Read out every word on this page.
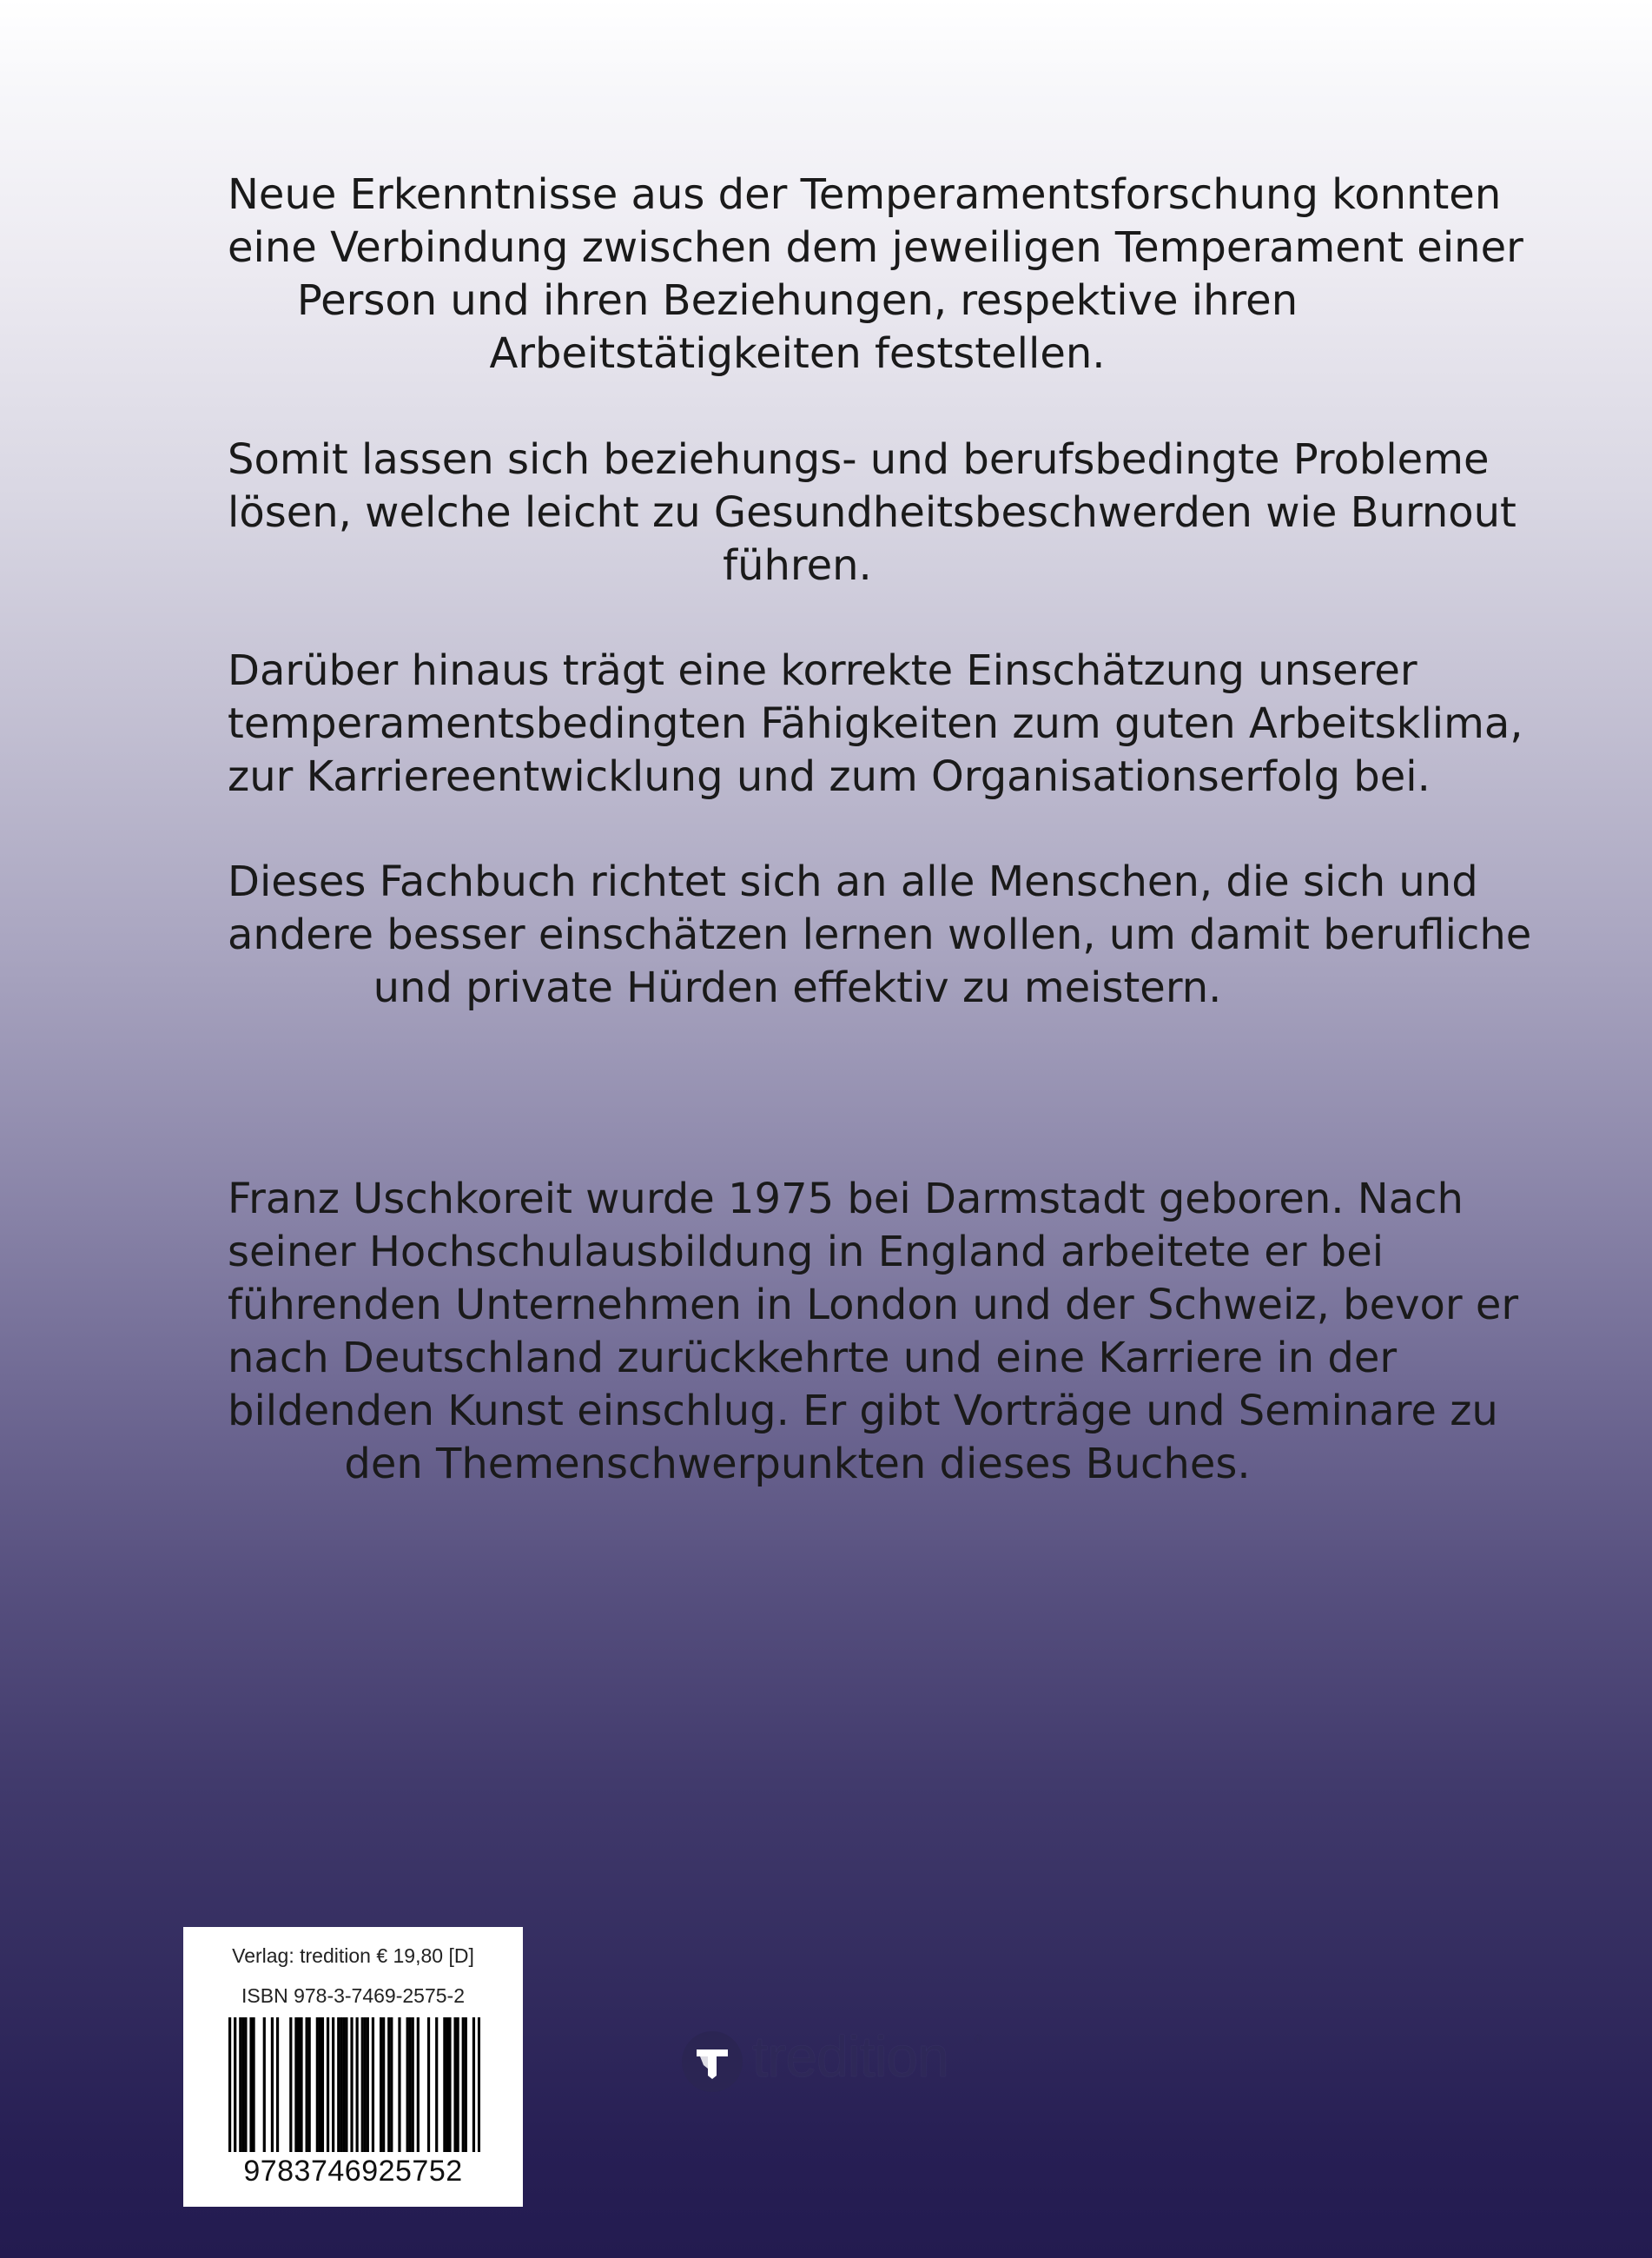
Neue Erkenntnisse aus der Temperamentsforschung konnten
eine Verbindung zwischen dem jeweiligen Temperament einer
Person und ihren Beziehungen, respektive ihren
Arbeitstätigkeiten feststellen.

Somit lassen sich beziehungs- und berufsbedingte Probleme
lösen, welche leicht zu Gesundheitsbeschwerden wie Burnout
führen.

Darüber hinaus trägt eine korrekte Einschätzung unserer
temperamentsbedingten Fähigkeiten zum guten Arbeitsklima,
zur Karriereentwicklung und zum Organisationserfolg bei.

Dieses Fachbuch richtet sich an alle Menschen, die sich und
andere besser einschätzen lernen wollen, um damit berufliche
und private Hürden effektiv zu meistern.

Franz Uschkoreit wurde 1975 bei Darmstadt geboren. Nach
seiner Hochschulausbildung in England arbeitete er bei
führenden Unternehmen in London und der Schweiz, bevor er
nach Deutschland zurückkehrte und eine Karriere in der
bildenden Kunst einschlug. Er gibt Vorträge und Seminare zu
den Themenschwerpunkten dieses Buches.

Verlag: tredition € 19,80 [D]
ISBN 978-3-7469-2575-2
9783746925752
tredition ®
